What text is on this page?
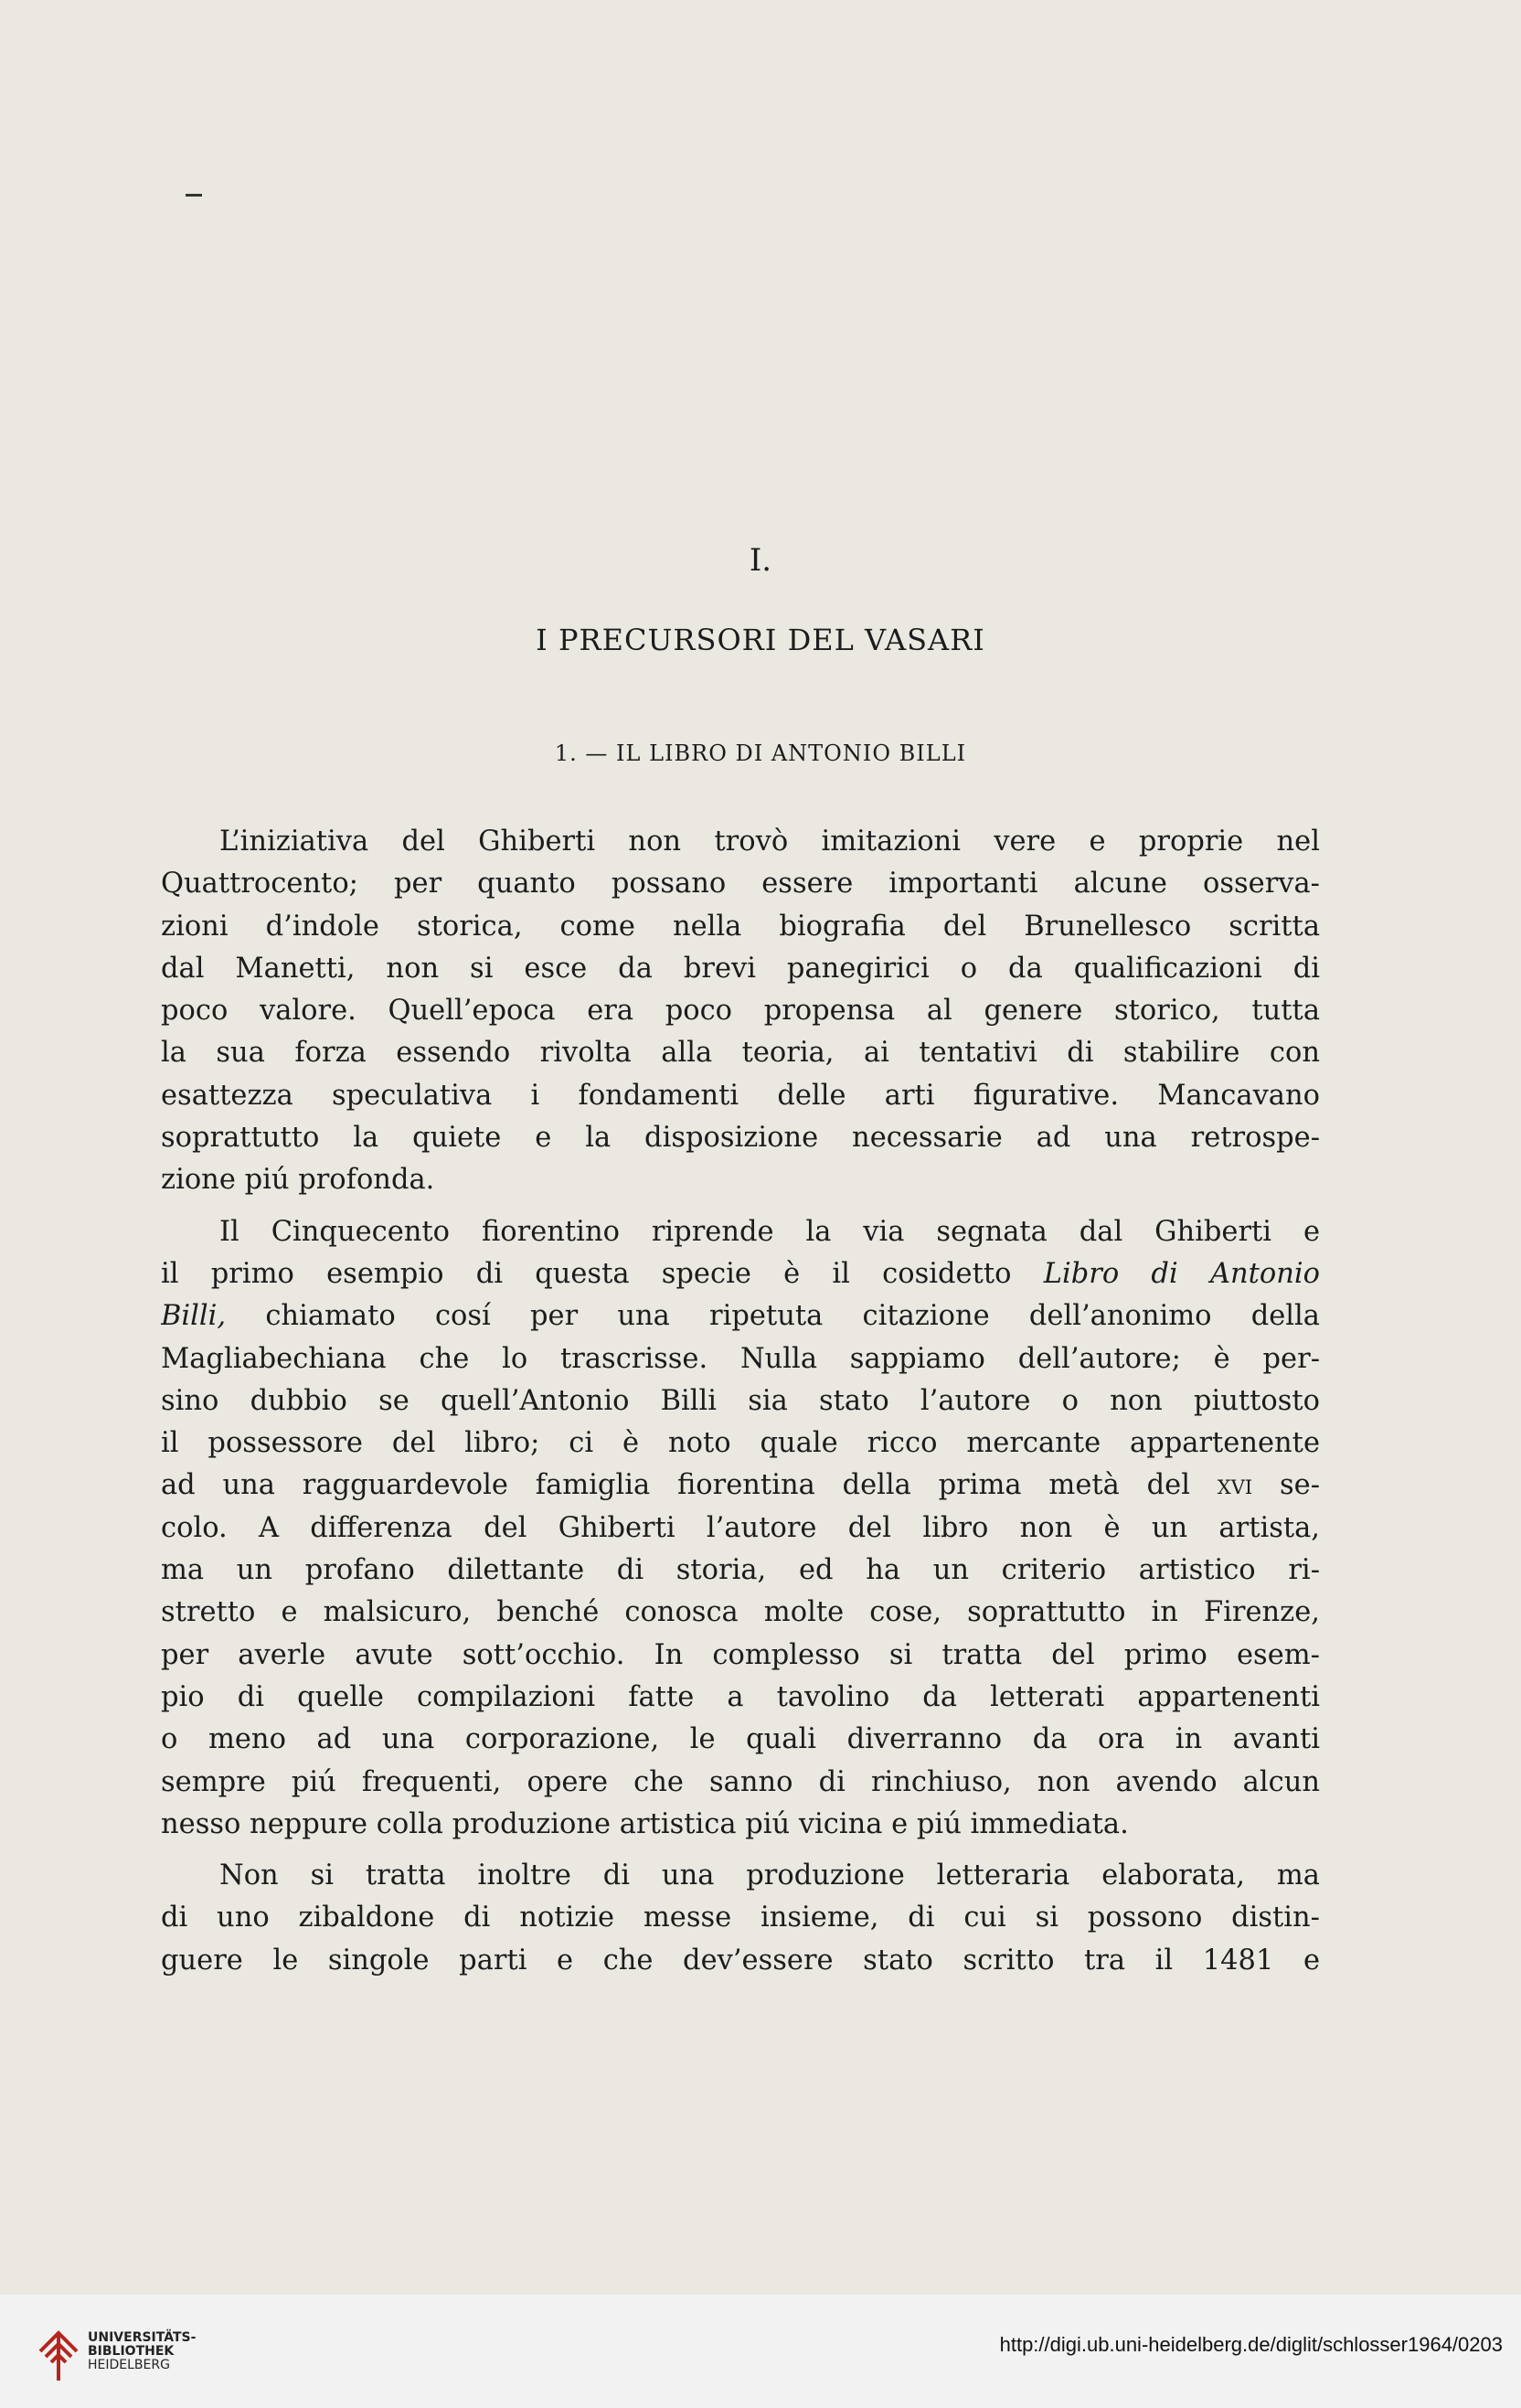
I.
I PRECURSORI DEL VASARI
1. — IL LIBRO DI ANTONIO BILLI
L’iniziativa del Ghiberti non trovò imitazioni vere e proprie nel
Quattrocento; per quanto possano essere importanti alcune osserva-
zioni d’indole storica, come nella biografia del Brunellesco scritta
dal Manetti, non si esce da brevi panegirici o da qualificazioni di
poco valore. Quell’epoca era poco propensa al genere storico, tutta
la sua forza essendo rivolta alla teoria, ai tentativi di stabilire con
esattezza speculativa i fondamenti delle arti figurative. Mancavano
soprattutto la quiete e la disposizione necessarie ad una retrospe-
zione piú profonda.
Il Cinquecento fiorentino riprende la via segnata dal Ghiberti e
il primo esempio di questa specie è il cosidetto Libro di Antonio
Billi, chiamato cosí per una ripetuta citazione dell’anonimo della
Magliabechiana che lo trascrisse. Nulla sappiamo dell’autore; è per-
sino dubbio se quell’Antonio Billi sia stato l’autore o non piuttosto
il possessore del libro; ci è noto quale ricco mercante appartenente
ad una ragguardevole famiglia fiorentina della prima metà del xvi se-
colo. A differenza del Ghiberti l’autore del libro non è un artista,
ma un profano dilettante di storia, ed ha un criterio artistico ri-
stretto e malsicuro, benché conosca molte cose, soprattutto in Firenze,
per averle avute sott’occhio. In complesso si tratta del primo esem-
pio di quelle compilazioni fatte a tavolino da letterati appartenenti
o meno ad una corporazione, le quali diverranno da ora in avanti
sempre piú frequenti, opere che sanno di rinchiuso, non avendo alcun
nesso neppure colla produzione artistica piú vicina e piú immediata.
Non si tratta inoltre di una produzione letteraria elaborata, ma
di uno zibaldone di notizie messe insieme, di cui si possono distin-
guere le singole parti e che dev’essere stato scritto tra il 1481 e
UNIVERSITÄTS-
BIBLIOTHEK
HEIDELBERG
http://digi.ub.uni-heidelberg.de/diglit/schlosser1964/0203
